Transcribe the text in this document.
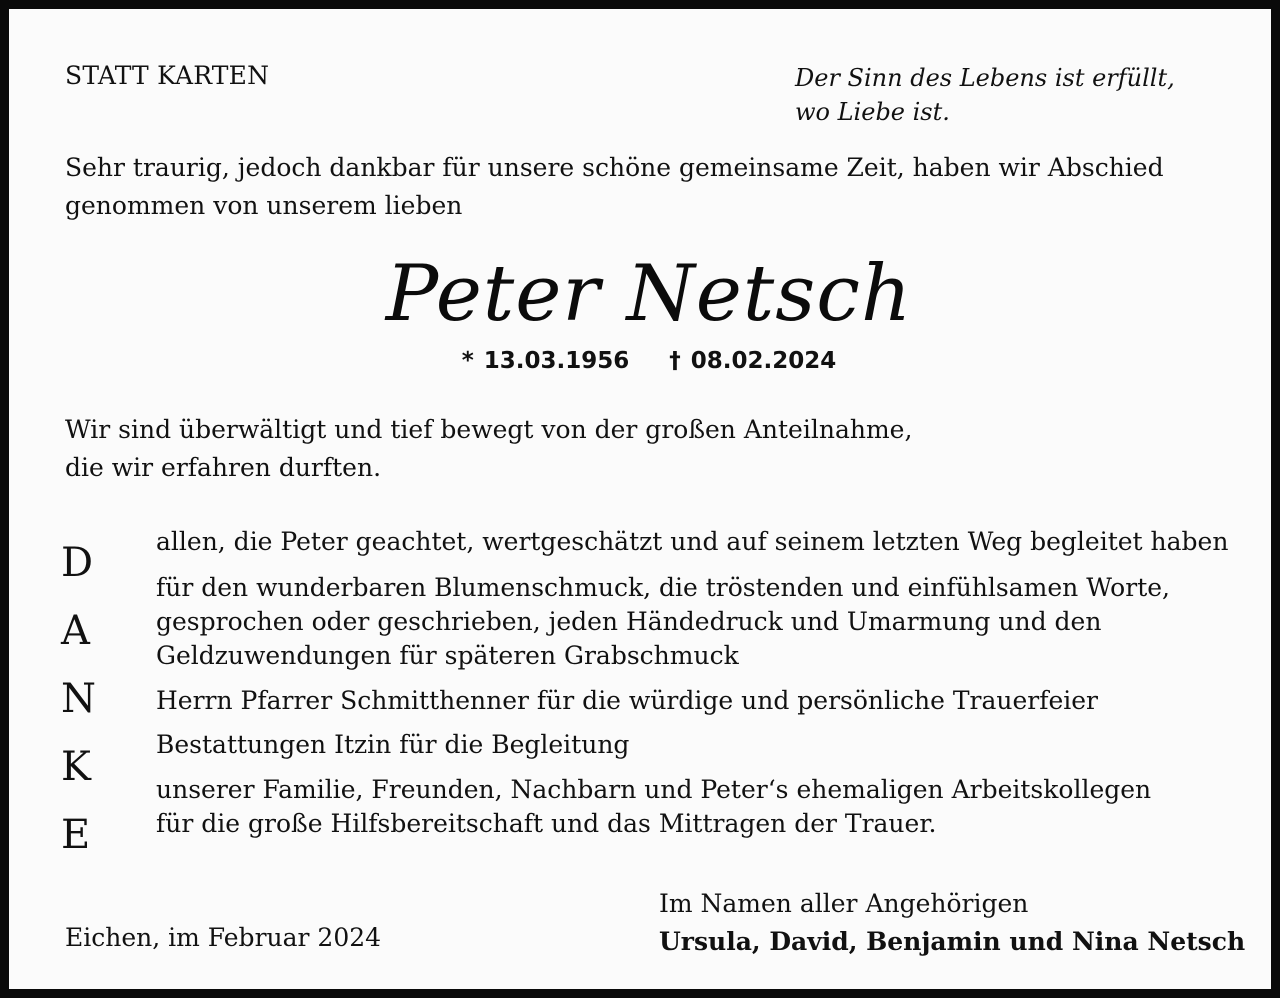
STATT KARTEN	Der Sinn des Lebens ist erfüllt,
wo Liebe ist.
Sehr traurig, jedoch dankbar für unsere schöne gemeinsame Zeit, haben wir Abschied
genommen von unserem lieben
Peter Netsch
* 13.03.1956 † 08.02.2024
Wir sind überwältigt und tief bewegt von der großen Anteilnahme,
die wir erfahren durften.
D
A
N
K
E
allen, die Peter geachtet, wertgeschätzt und auf seinem letzten Weg begleitet haben
für den wunderbaren Blumenschmuck, die tröstenden und einfühlsamen Worte,
gesprochen oder geschrieben, jeden Händedruck und Umarmung und den
Geldzuwendungen für späteren Grabschmuck
Herrn Pfarrer Schmitthenner für die würdige und persönliche Trauerfeier
Bestattungen Itzin für die Begleitung
unserer Familie, Freunden, Nachbarn und Peter‘s ehemaligen Arbeitskollegen
für die große Hilfsbereitschaft und das Mittragen der Trauer.
Eichen, im Februar 2024
Im Namen aller Angehörigen
Ursula, David, Benjamin und Nina Netsch
